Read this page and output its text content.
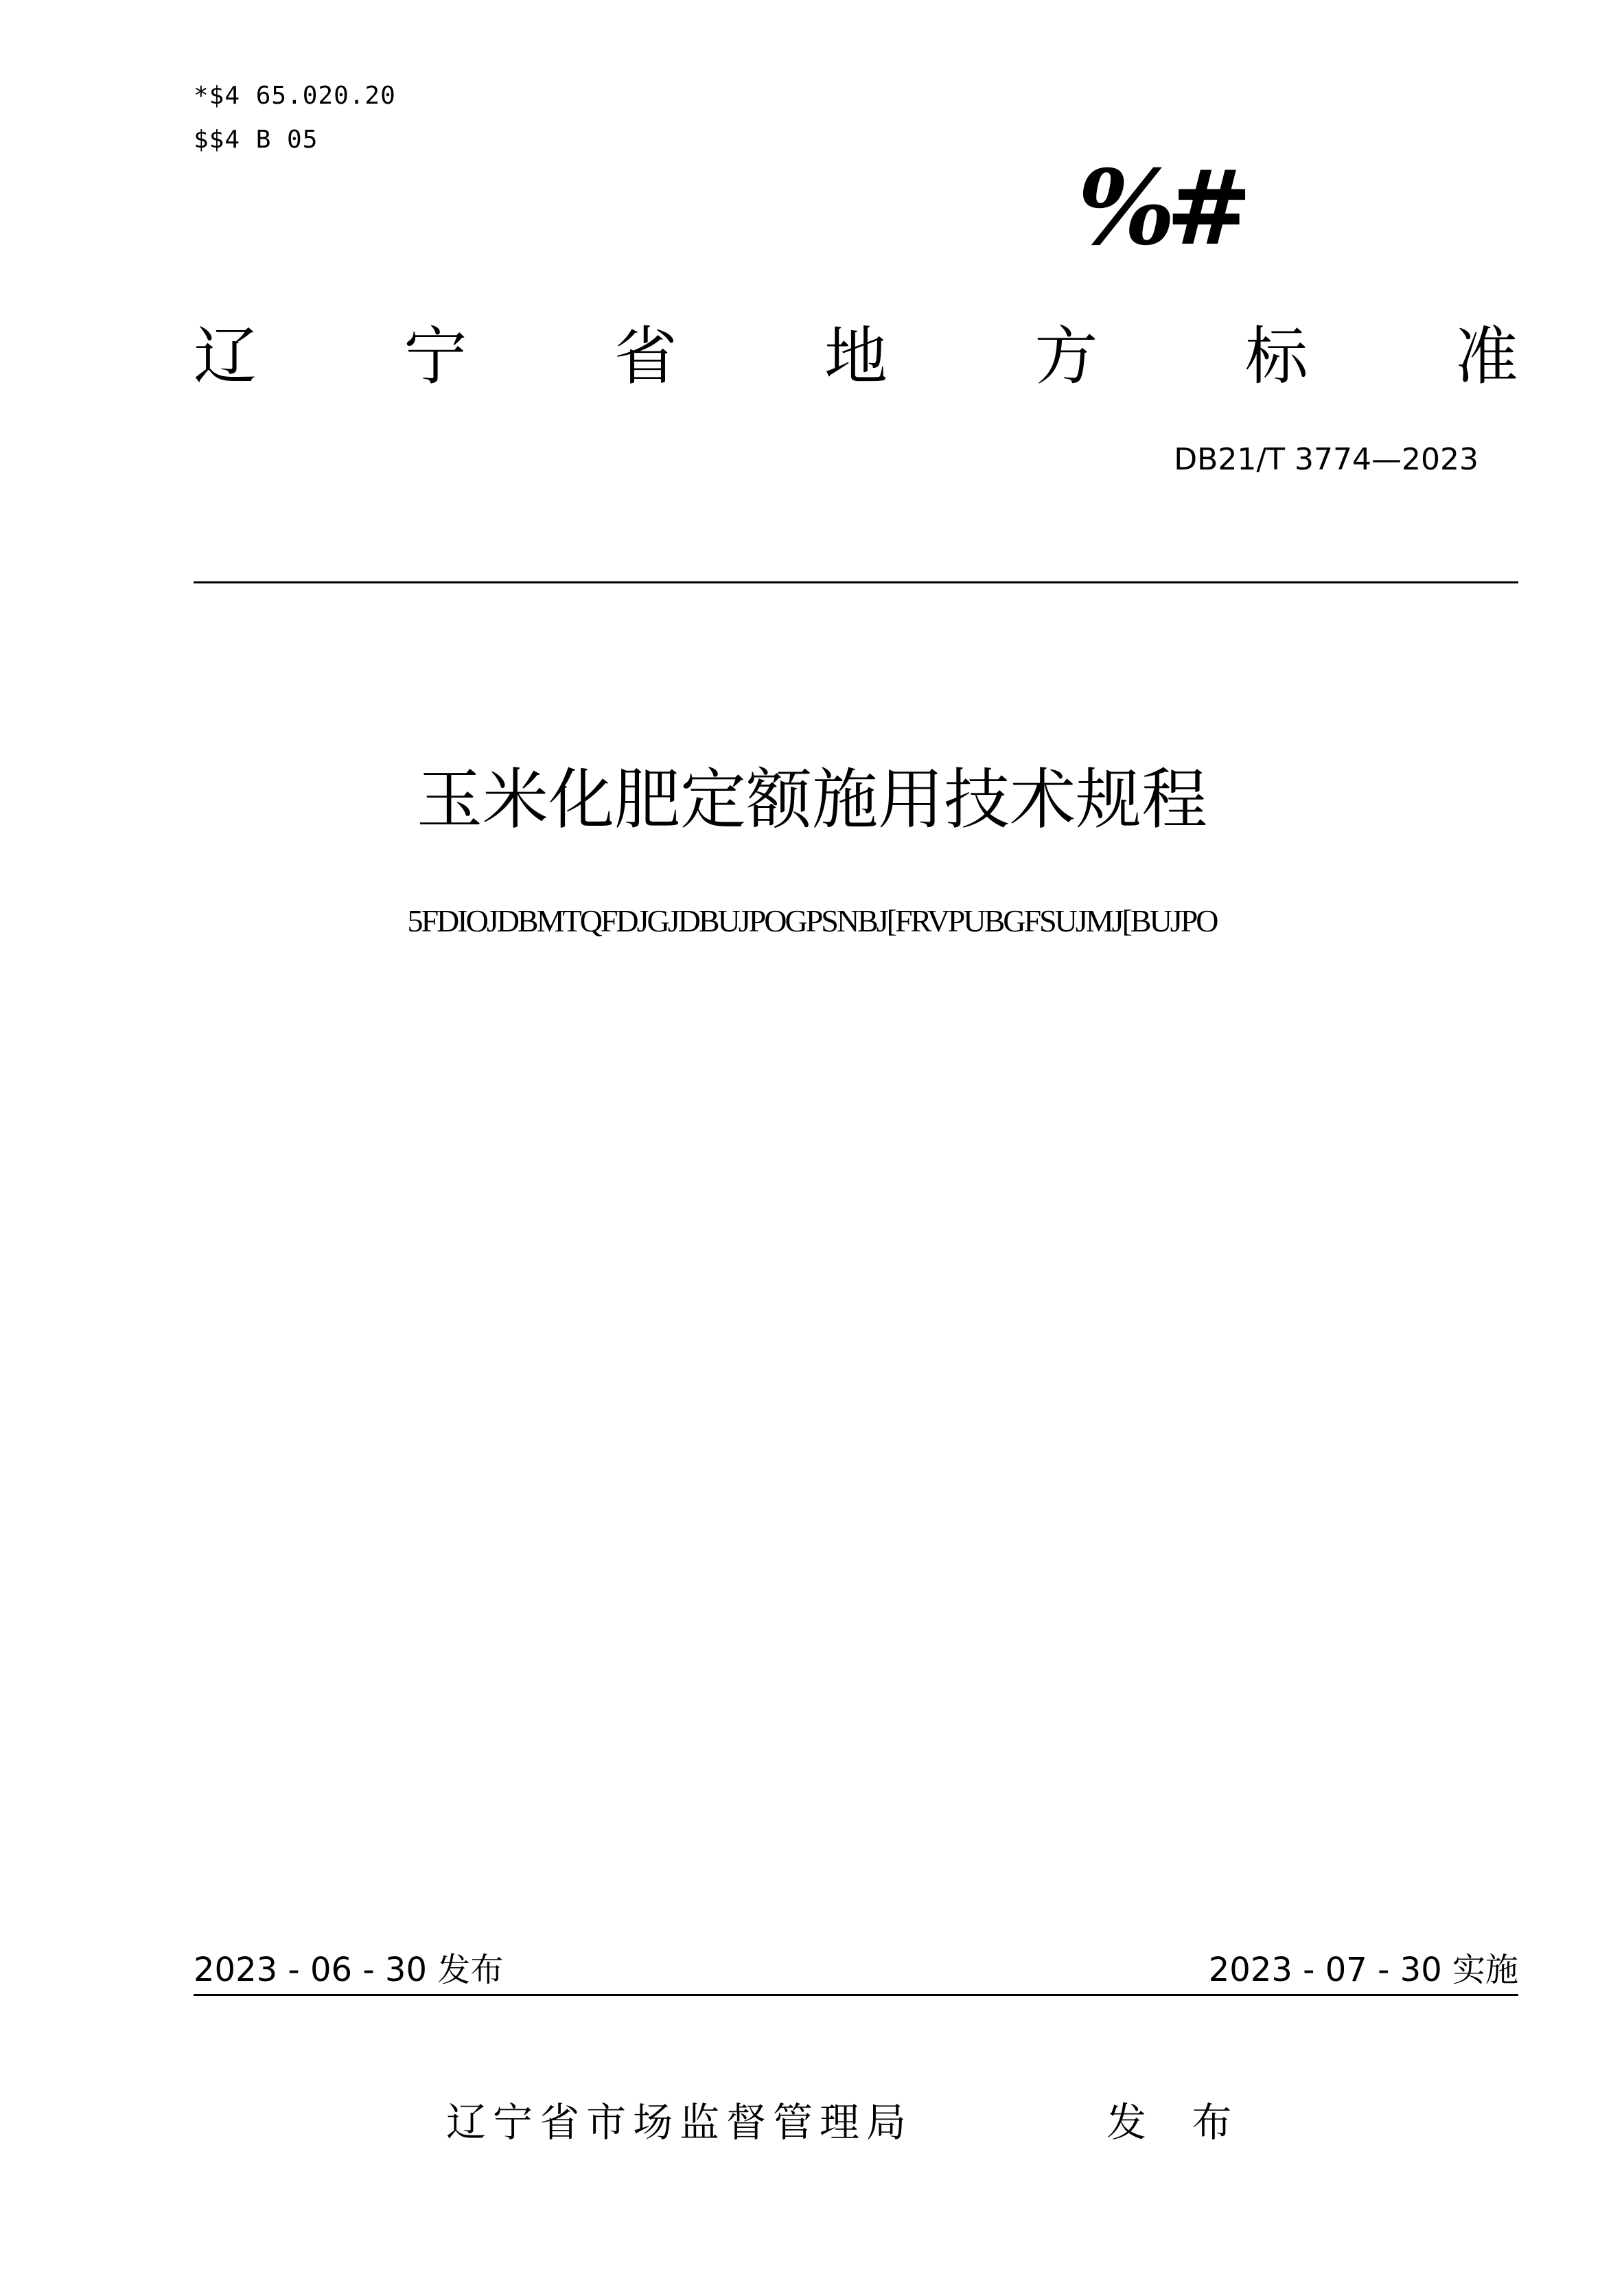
*$4 65.020.20
$$4 B 05
%#
辽 宁 省 地 方 标 准
DB21/T 3774—2023
玉米化肥定额施用技术规程
5FDIOJDBMTQFDJGJDBUJPOGPSNBJ[FRVPUBGFSUJMJ[BUJPO
2023 - 06 - 30 发布	2023 - 07 - 30 实施
辽宁省市场监督管理局	发 布
